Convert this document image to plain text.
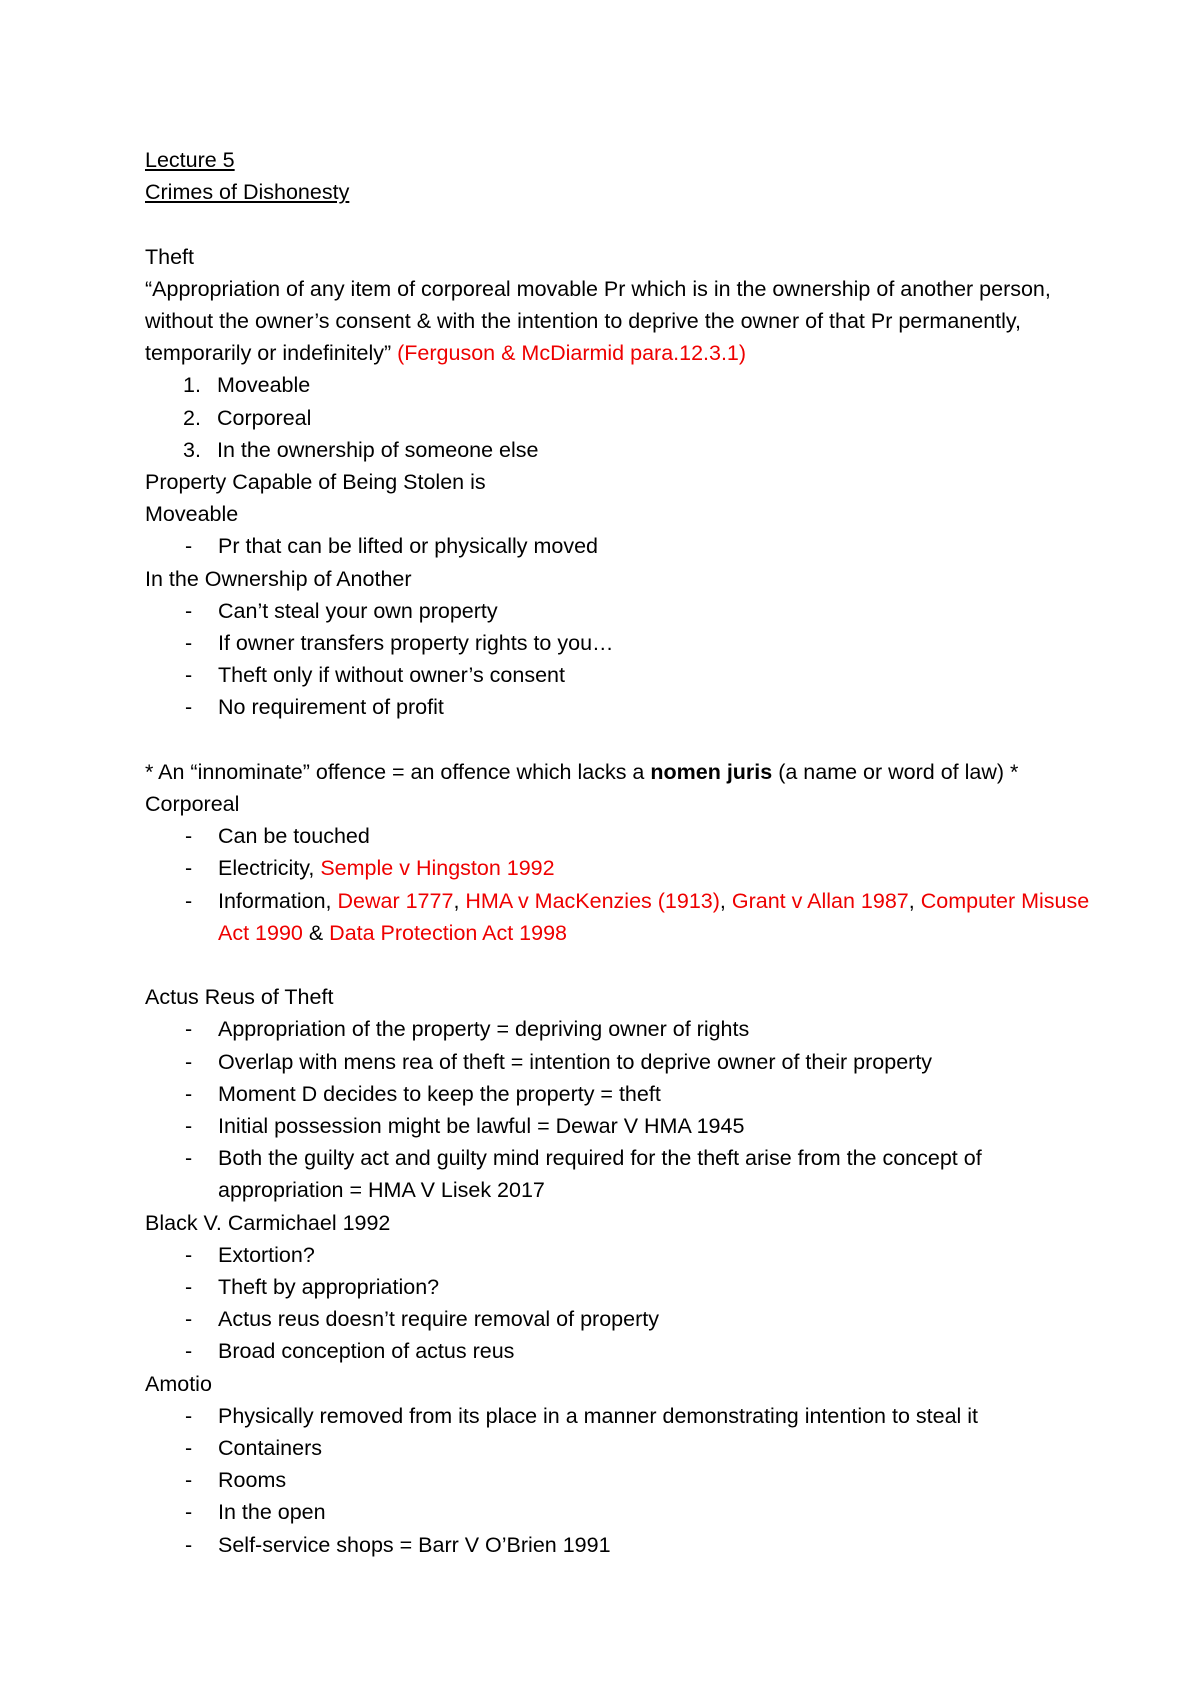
Lecture 5
Crimes of Dishonesty
Theft
“Appropriation of any item of corporeal movable Pr which is in the ownership of another person, without the owner’s consent & with the intention to deprive the owner of that Pr permanently, temporarily or indefinitely” (Ferguson & McDiarmid para.12.3.1)
1. Moveable
2. Corporeal
3. In the ownership of someone else
Property Capable of Being Stolen is
Moveable
- Pr that can be lifted or physically moved
In the Ownership of Another
- Can’t steal your own property
- If owner transfers property rights to you…
- Theft only if without owner’s consent
- No requirement of profit
* An “innominate” offence = an offence which lacks a nomen juris (a name or word of law) *
Corporeal
- Can be touched
- Electricity, Semple v Hingston 1992
- Information, Dewar 1777, HMA v MacKenzies (1913), Grant v Allan 1987, Computer Misuse Act 1990 & Data Protection Act 1998
Actus Reus of Theft
- Appropriation of the property = depriving owner of rights
- Overlap with mens rea of theft = intention to deprive owner of their property
- Moment D decides to keep the property = theft
- Initial possession might be lawful = Dewar V HMA 1945
- Both the guilty act and guilty mind required for the theft arise from the concept of appropriation = HMA V Lisek 2017
Black V. Carmichael 1992
- Extortion?
- Theft by appropriation?
- Actus reus doesn’t require removal of property
- Broad conception of actus reus
Amotio
- Physically removed from its place in a manner demonstrating intention to steal it
- Containers
- Rooms
- In the open
- Self-service shops = Barr V O’Brien 1991
